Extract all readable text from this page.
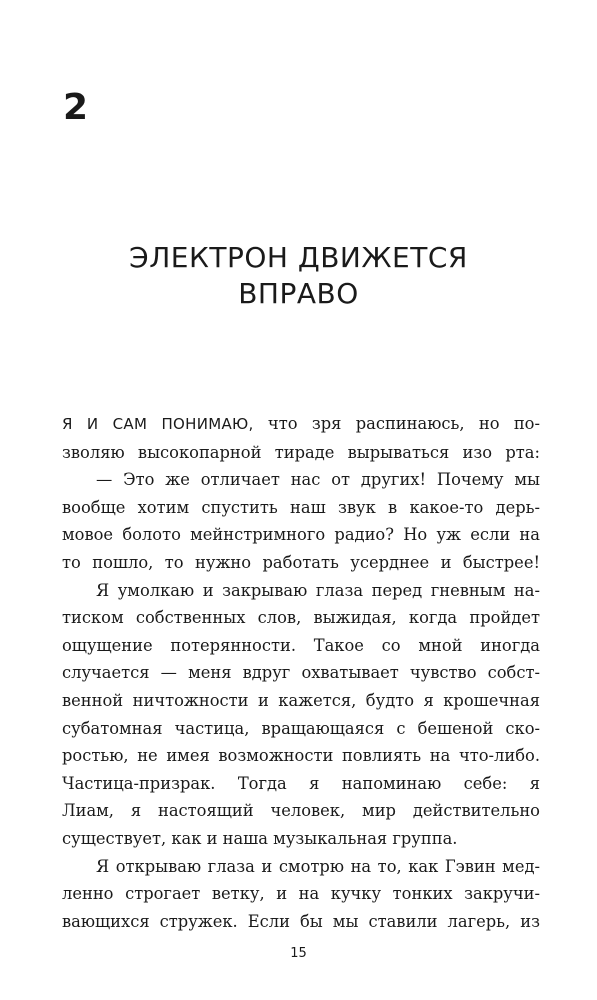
2
ЭЛЕКТРОН ДВИЖЕТСЯ
ВПРАВО

Я И САМ ПОНИМАЮ, что зря распинаюсь, но по-

зволяю высокопарной тираде вырываться изо рта:

— Это же отличает нас от других! Почему мы

вообще хотим спустить наш звук в какое-то дерь-

мовое болото мейнстримного радио? Но уж если на

то пошло, то нужно работать усерднее и быстрее!

Я умолкаю и закрываю глаза перед гневным на-

тиском собственных слов, выжидая, когда пройдет

ощущение потерянности. Такое со мной иногда

случается — меня вдруг охватывает чувство собст-

венной ничтожности и кажется, будто я крошечная

субатомная частица, вращающаяся с бешеной ско-

ростью, не имея возможности повлиять на что-либо.

Частица-призрак. Тогда я напоминаю себе: я

Лиам, я настоящий человек, мир действительно

существует, как и наша музыкальная группа.

Я открываю глаза и смотрю на то, как Гэвин мед-

ленно строгает ветку, и на кучку тонких закручи-

вающихся стружек. Если бы мы ставили лагерь, из

15
